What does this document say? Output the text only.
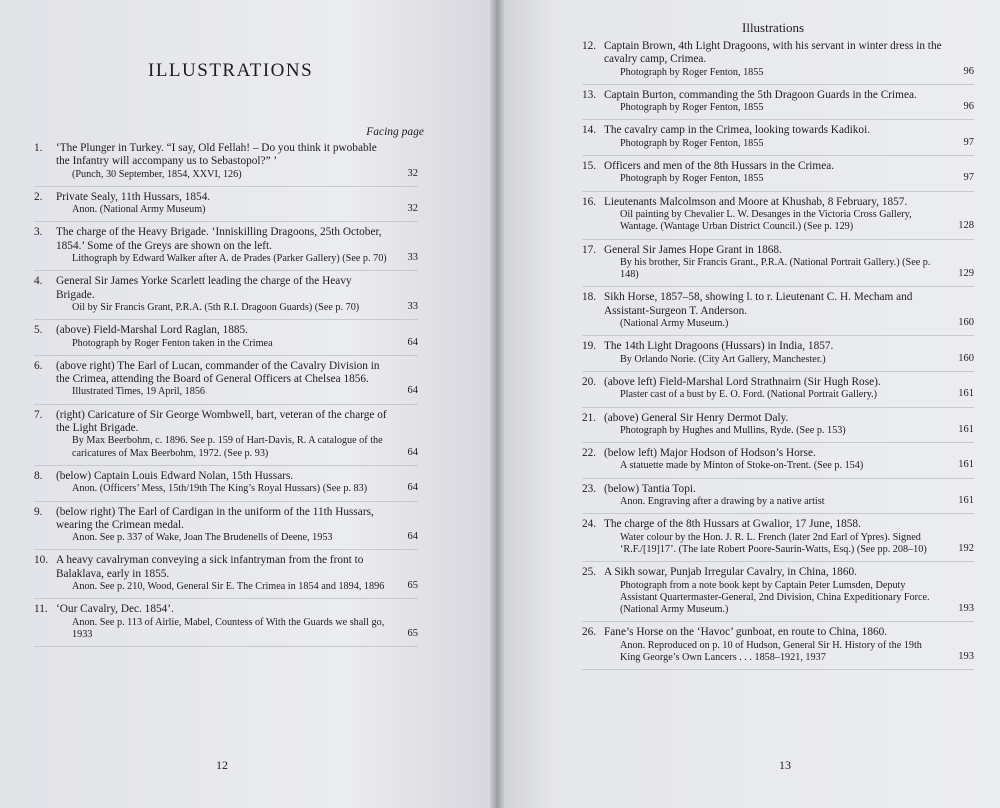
ILLUSTRATIONS
Facing page
1. ‘The Plunger in Turkey. “I say, Old Fellah! – Do you think it pwobable the Infantry will accompany us to Sebastopol?” ’
(Punch, 30 September, 1854, XXVI, 126)	32
2. Private Sealy, 11th Hussars, 1854.
Anon. (National Army Museum)	32
3. The charge of the Heavy Brigade. ‘Inniskilling Dragoons, 25th October, 1854.’ Some of the Greys are shown on the left.
Lithograph by Edward Walker after A. de Prades (Parker Gallery) (See p. 70) 33
4. General Sir James Yorke Scarlett leading the charge of the Heavy Brigade.
Oil by Sir Francis Grant, P.R.A. (5th R.I. Dragoon Guards) (See p. 70)	33
5. (above) Field-Marshal Lord Raglan, 1885.
Photograph by Roger Fenton taken in the Crimea	64
6. (above right) The Earl of Lucan, commander of the Cavalry Division in the Crimea, attending the Board of General Officers at Chelsea 1856.
Illustrated Times, 19 April, 1856	64
7. (right) Caricature of Sir George Wombwell, bart, veteran of the charge of the Light Brigade.
By Max Beerbohm, c. 1896. See p. 159 of Hart-Davis, R. A catalogue of the caricatures of Max Beerbohm, 1972. (See p. 93)	64
8. (below) Captain Louis Edward Nolan, 15th Hussars.
Anon. (Officers’ Mess, 15th/19th The King’s Royal Hussars) (See p. 83)	64
9. (below right) The Earl of Cardigan in the uniform of the 11th Hussars, wearing the Crimean medal.
Anon. See p. 337 of Wake, Joan The Brudenells of Deene, 1953	64
10. A heavy cavalryman conveying a sick infantryman from the front to Balaklava, early in 1855.
Anon. See p. 210, Wood, General Sir E. The Crimea in 1854 and 1894, 1896	65
11. ‘Our Cavalry, Dec. 1854’.
Anon. See p. 113 of Airlie, Mabel, Countess of With the Guards we shall go, 1933	65
12
Illustrations
13
12. Captain Brown, 4th Light Dragoons, with his servant in winter dress in the cavalry camp, Crimea.
Photograph by Roger Fenton, 1855	96
13. Captain Burton, commanding the 5th Dragoon Guards in the Crimea.
Photograph by Roger Fenton, 1855	96
14. The cavalry camp in the Crimea, looking towards Kadikoi.
Photograph by Roger Fenton, 1855	97
15. Officers and men of the 8th Hussars in the Crimea.
Photograph by Roger Fenton, 1855	97
16. Lieutenants Malcolmson and Moore at Khushab, 8 February, 1857.
Oil painting by Chevalier L. W. Desanges in the Victoria Cross Gallery, Wantage. (Wantage Urban District Council.) (See p. 129)	128
17. General Sir James Hope Grant in 1868.
By his brother, Sir Francis Grant., P.R.A. (National Portrait Gallery.) (See p. 148)	129
18. Sikh Horse, 1857–58, showing l. to r. Lieutenant C. H. Mecham and Assistant-Surgeon T. Anderson.
(National Army Museum.)	160
19. The 14th Light Dragoons (Hussars) in India, 1857.
By Orlando Norie. (City Art Gallery, Manchester.)	160
20. (above left) Field-Marshal Lord Strathnairn (Sir Hugh Rose).
Plaster cast of a bust by E. O. Ford. (National Portrait Gallery.)	161
21. (above) General Sir Henry Dermot Daly.
Photograph by Hughes and Mullins, Ryde. (See p. 153)	161
22. (below left) Major Hodson of Hodson’s Horse.
A statuette made by Minton of Stoke-on-Trent. (See p. 154)	161
23. (below) Tantia Topi.
Anon. Engraving after a drawing by a native artist	161
24. The charge of the 8th Hussars at Gwalior, 17 June, 1858.
Water colour by the Hon. J. R. L. French (later 2nd Earl of Ypres). Signed ‘R.F./[19]17’. (The late Robert Poore-Saurin-Watts, Esq.) (See pp. 208–10)	192
25. A Sikh sowar, Punjab Irregular Cavalry, in China, 1860.
Photograph from a note book kept by Captain Peter Lumsden, Deputy Assistant Quartermaster-General, 2nd Division, China Expeditionary Force. (National Army Museum.)	193
26. Fane’s Horse on the ‘Havoc’ gunboat, en route to China, 1860.
Anon. Reproduced on p. 10 of Hudson, General Sir H. History of the 19th King George’s Own Lancers . . . 1858–1921, 1937	193
